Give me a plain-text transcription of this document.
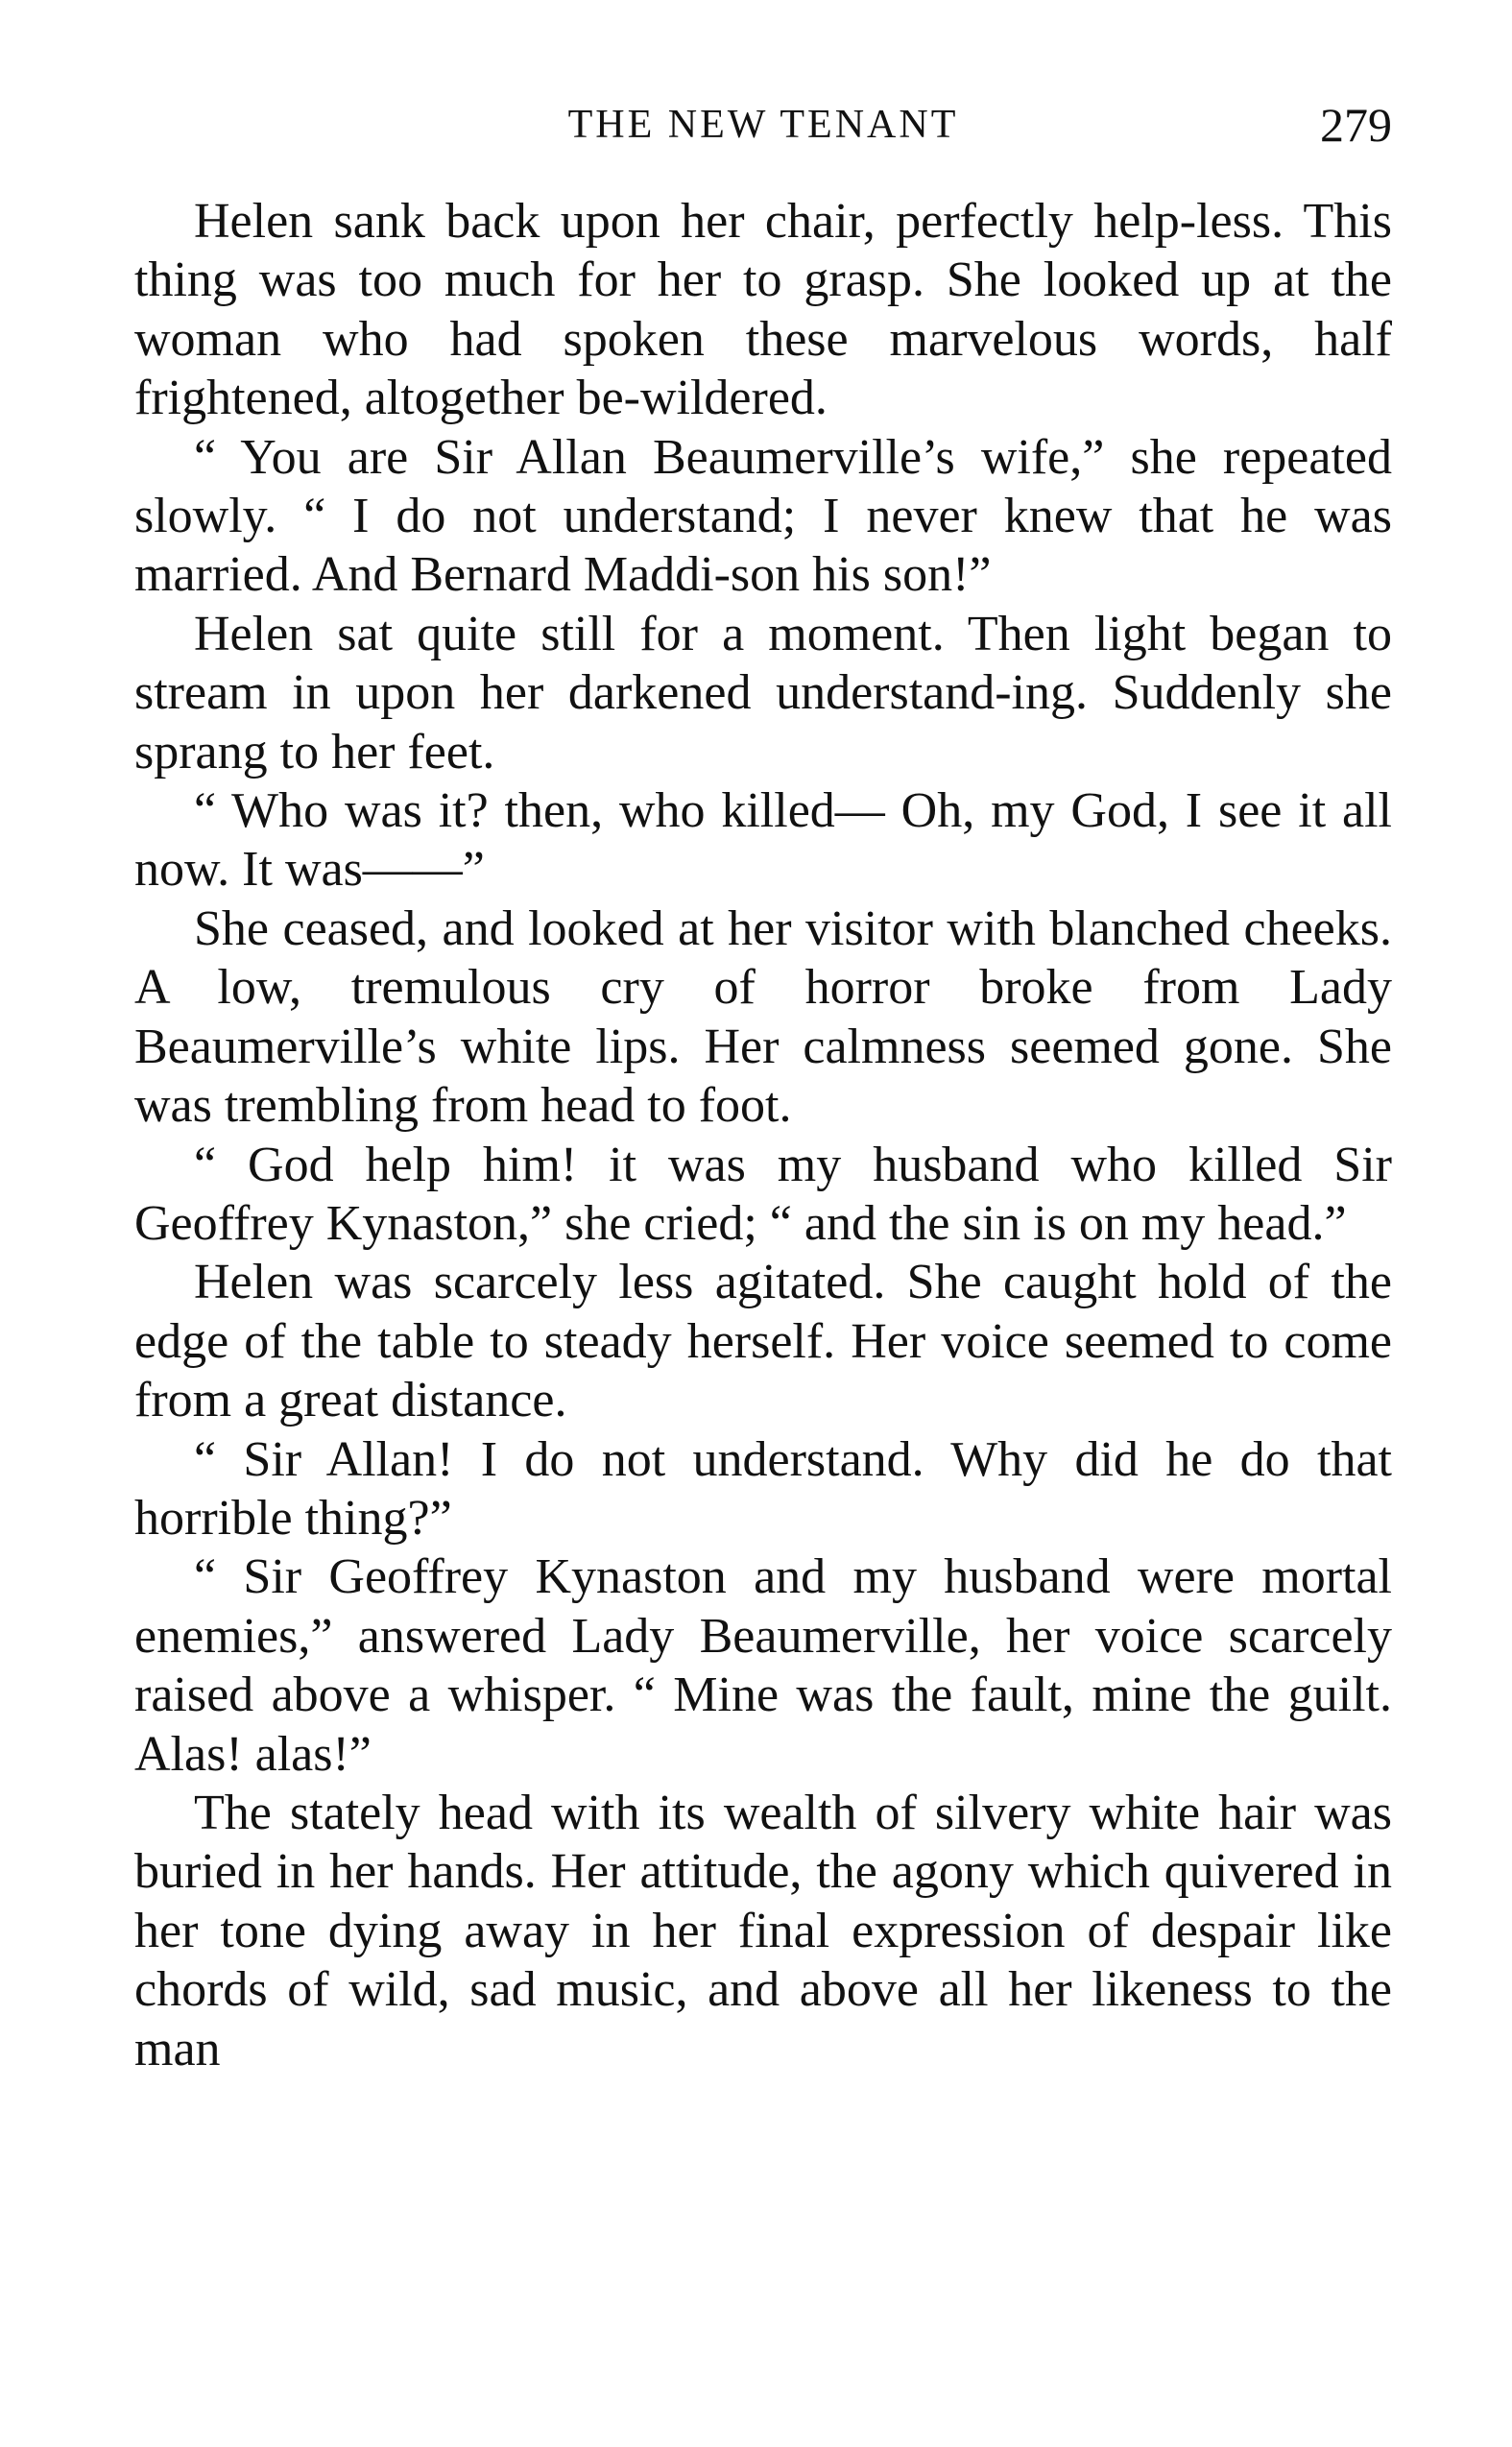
THE NEW TENANT	279

Helen sank back upon her chair, perfectly help-less. This thing was too much for her to grasp. She looked up at the woman who had spoken these marvelous words, half frightened, altogether be-wildered.

“ You are Sir Allan Beaumerville’s wife,” she repeated slowly. “ I do not understand; I never knew that he was married. And Bernard Maddi-son his son!”

Helen sat quite still for a moment. Then light began to stream in upon her darkened understand-ing. Suddenly she sprang to her feet.

“ Who was it? then, who killed— Oh, my God, I see it all now. It was——”

She ceased, and looked at her visitor with blanched cheeks. A low, tremulous cry of horror broke from Lady Beaumerville’s white lips. Her calmness seemed gone. She was trembling from head to foot.

“ God help him! it was my husband who killed Sir Geoffrey Kynaston,” she cried; “ and the sin is on my head.”

Helen was scarcely less agitated. She caught hold of the edge of the table to steady herself. Her voice seemed to come from a great distance.

“ Sir Allan! I do not understand. Why did he do that horrible thing?”

“ Sir Geoffrey Kynaston and my husband were mortal enemies,” answered Lady Beaumerville, her voice scarcely raised above a whisper. “ Mine was the fault, mine the guilt. Alas! alas!”

The stately head with its wealth of silvery white hair was buried in her hands. Her attitude, the agony which quivered in her tone dying away in her final expression of despair like chords of wild, sad music, and above all her likeness to the man
